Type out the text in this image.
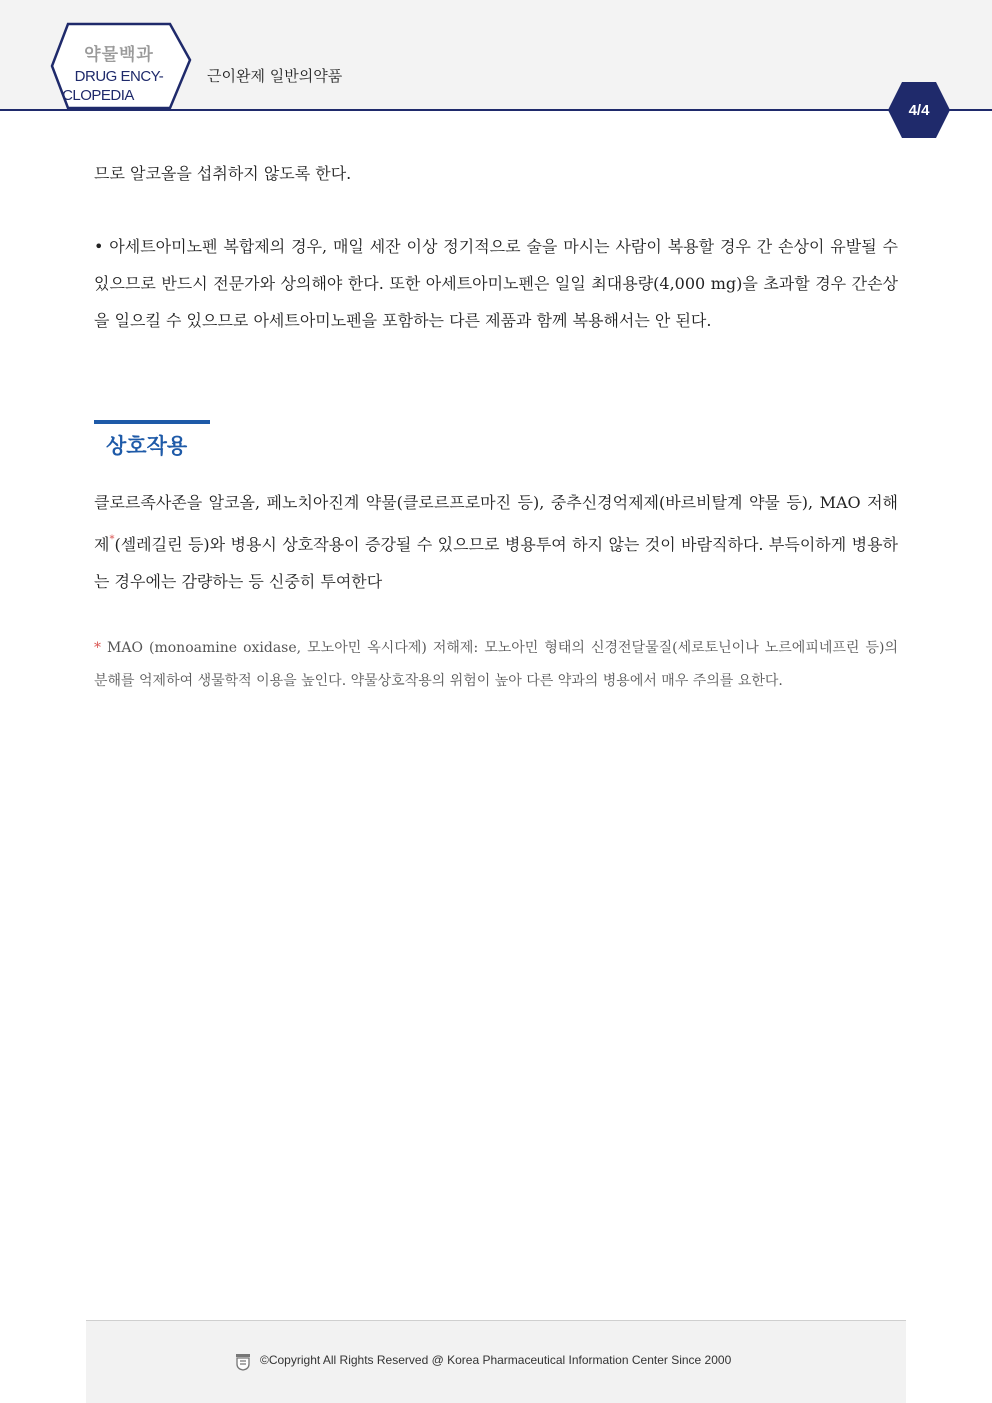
약물백과
DRUG ENCY-
CLOPEDIA
근이완제 일반의약품
4/4
므로 알코올을 섭취하지 않도록 한다.
• 아세트아미노펜 복합제의 경우, 매일 세잔 이상 정기적으로 술을 마시는 사람이 복용할 경우 간 손상이 유발될 수 있으므로 반드시 전문가와 상의해야 한다. 또한 아세트아미노펜은 일일 최대용량(4,000 mg)을 초과할 경우 간손상을 일으킬 수 있으므로 아세트아미노펜을 포함하는 다른 제품과 함께 복용해서는 안 된다.
상호작용
클로르족사존을 알코올, 페노치아진계 약물(클로르프로마진 등), 중추신경억제제(바르비탈계 약물 등), MAO 저해제*(셀레길린 등)와 병용시 상호작용이 증강될 수 있으므로 병용투여 하지 않는 것이 바람직하다. 부득이하게 병용하는 경우에는 감량하는 등 신중히 투여한다
* MAO (monoamine oxidase, 모노아민 옥시다제) 저해제: 모노아민 형태의 신경전달물질(세로토닌이나 노르에피네프린 등)의 분해를 억제하여 생물학적 이용을 높인다. 약물상호작용의 위험이 높아 다른 약과의 병용에서 매우 주의를 요한다.
©Copyright All Rights Reserved @ Korea Pharmaceutical Information Center Since 2000
